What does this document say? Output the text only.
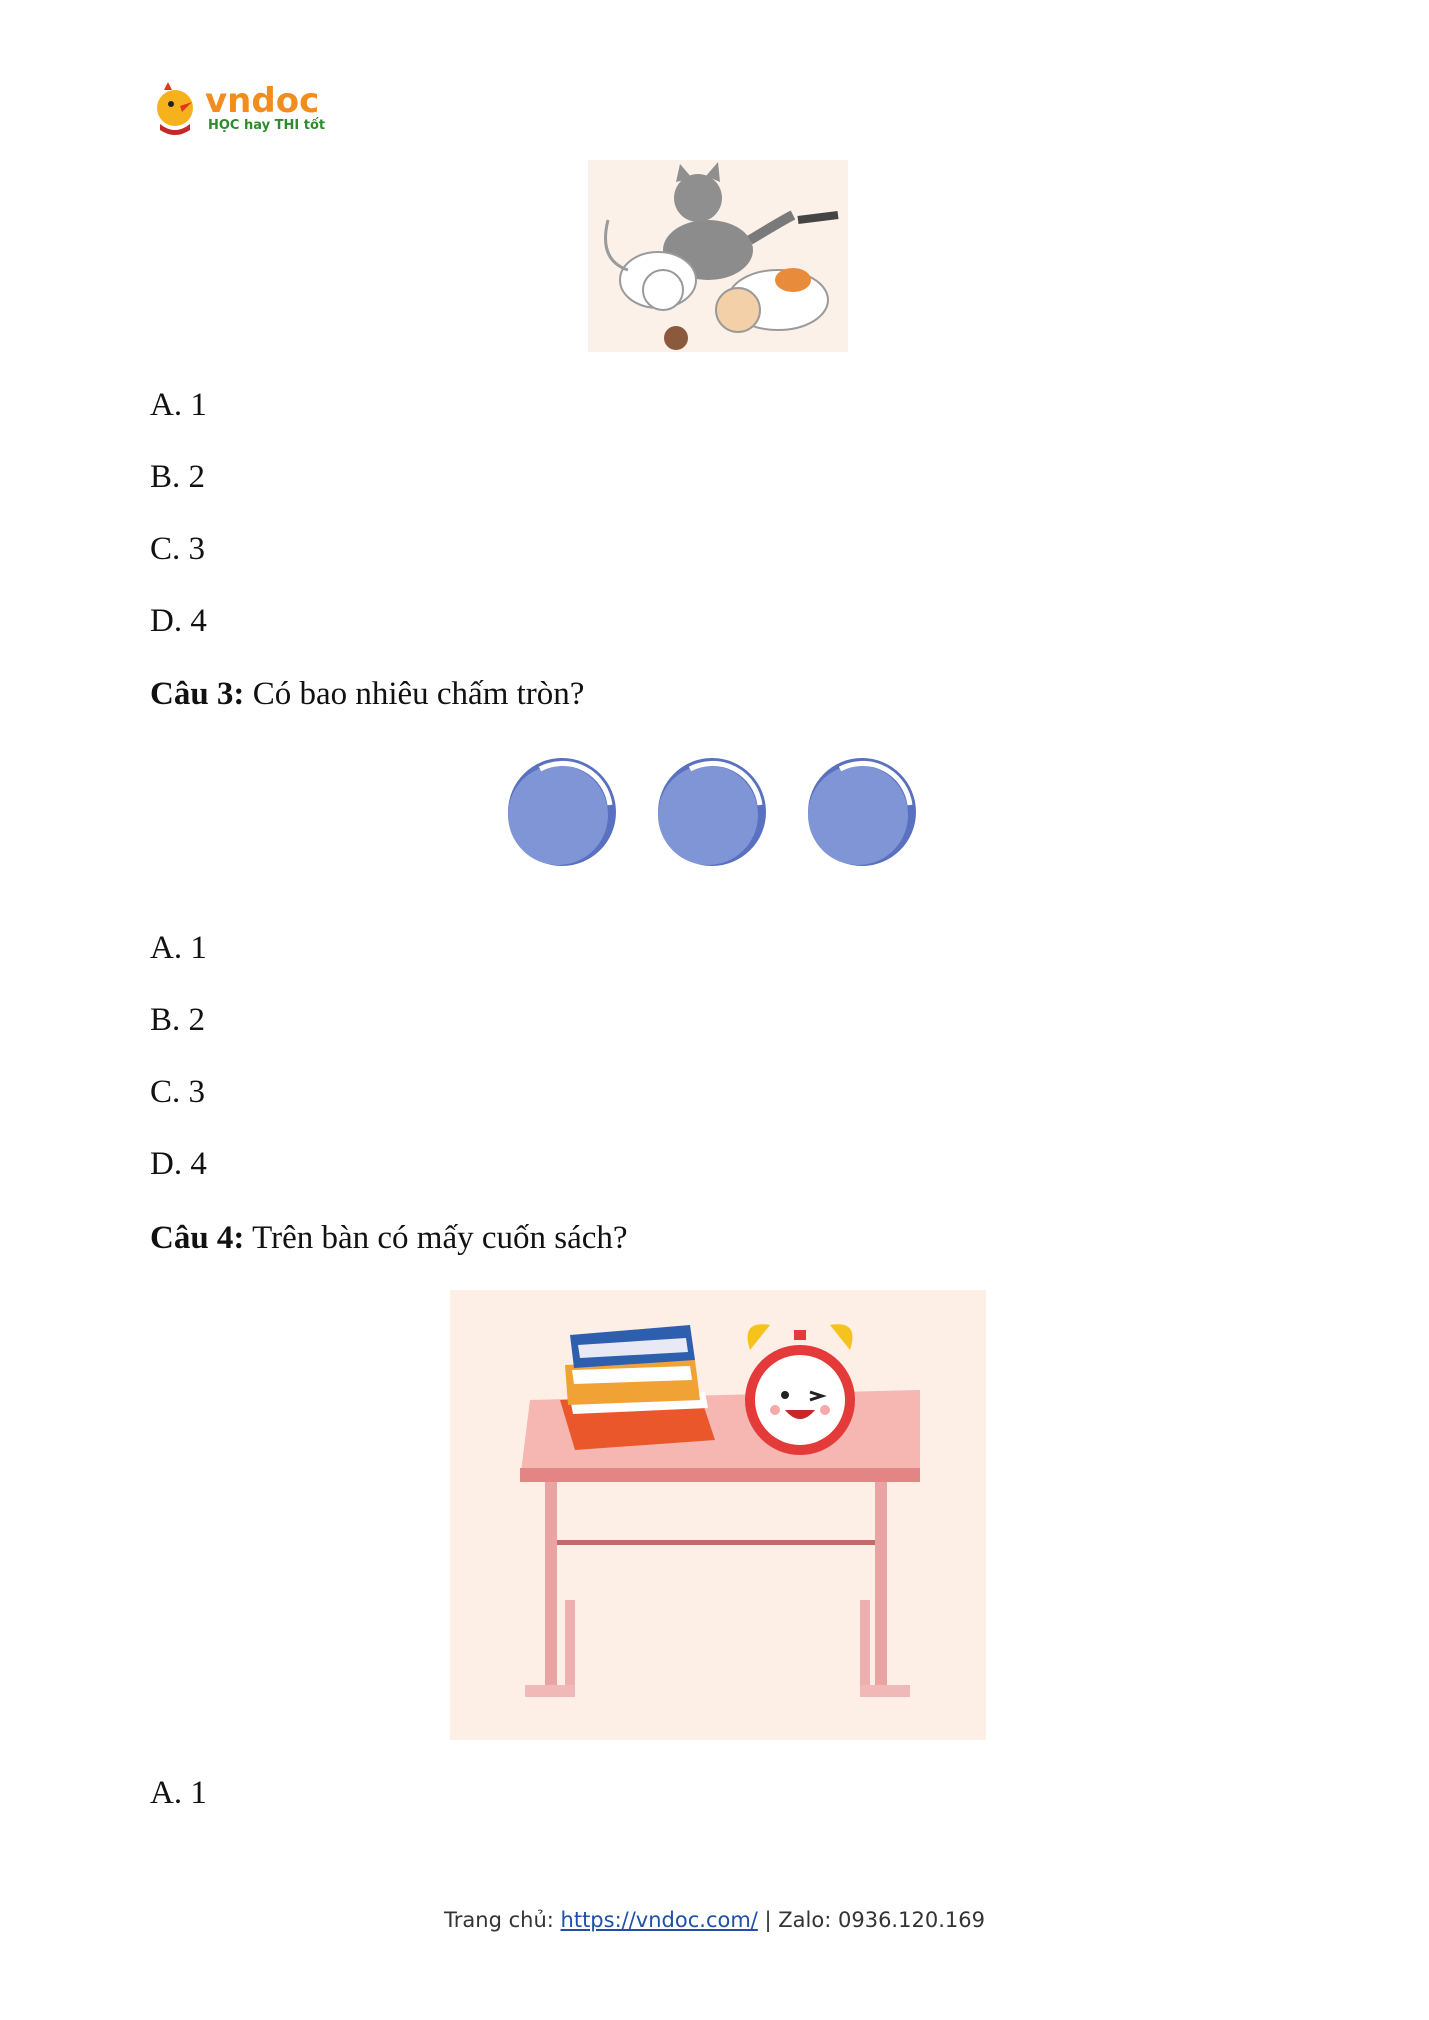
vndoc
HỌC hay THI tốt
A. 1
B. 2
C. 3
D. 4
Câu 3: Có bao nhiêu chấm tròn?
A. 1
B. 2
C. 3
D. 4
Câu 4: Trên bàn có mấy cuốn sách?
A. 1
Trang chủ: https://vndoc.com/ | Zalo: 0936.120.169
